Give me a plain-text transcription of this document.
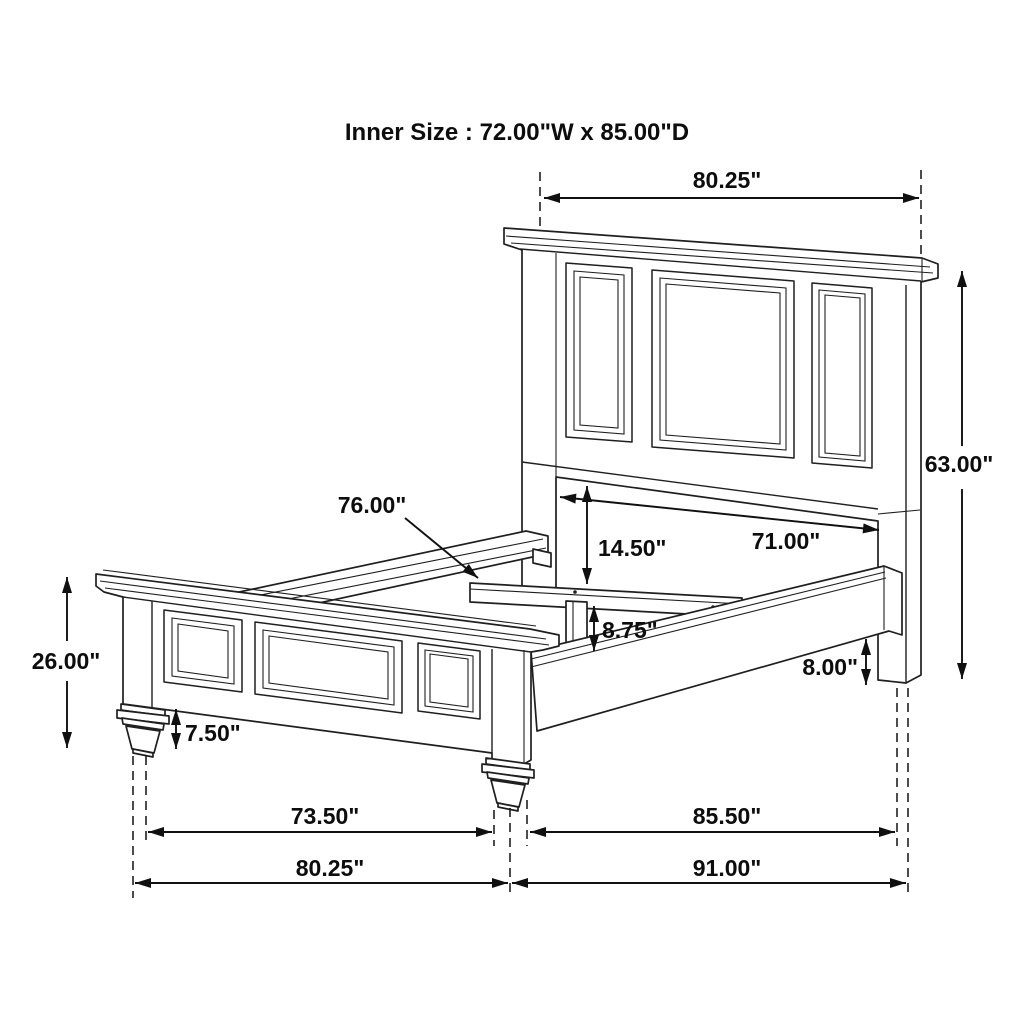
Inner Size : 72.00"W x 85.00"D
80.25"
63.00"
76.00"
14.50"	71.00"
8.75"
8.00"
26.00"
7.50"
73.50"	85.50"
80.25"	91.00"
